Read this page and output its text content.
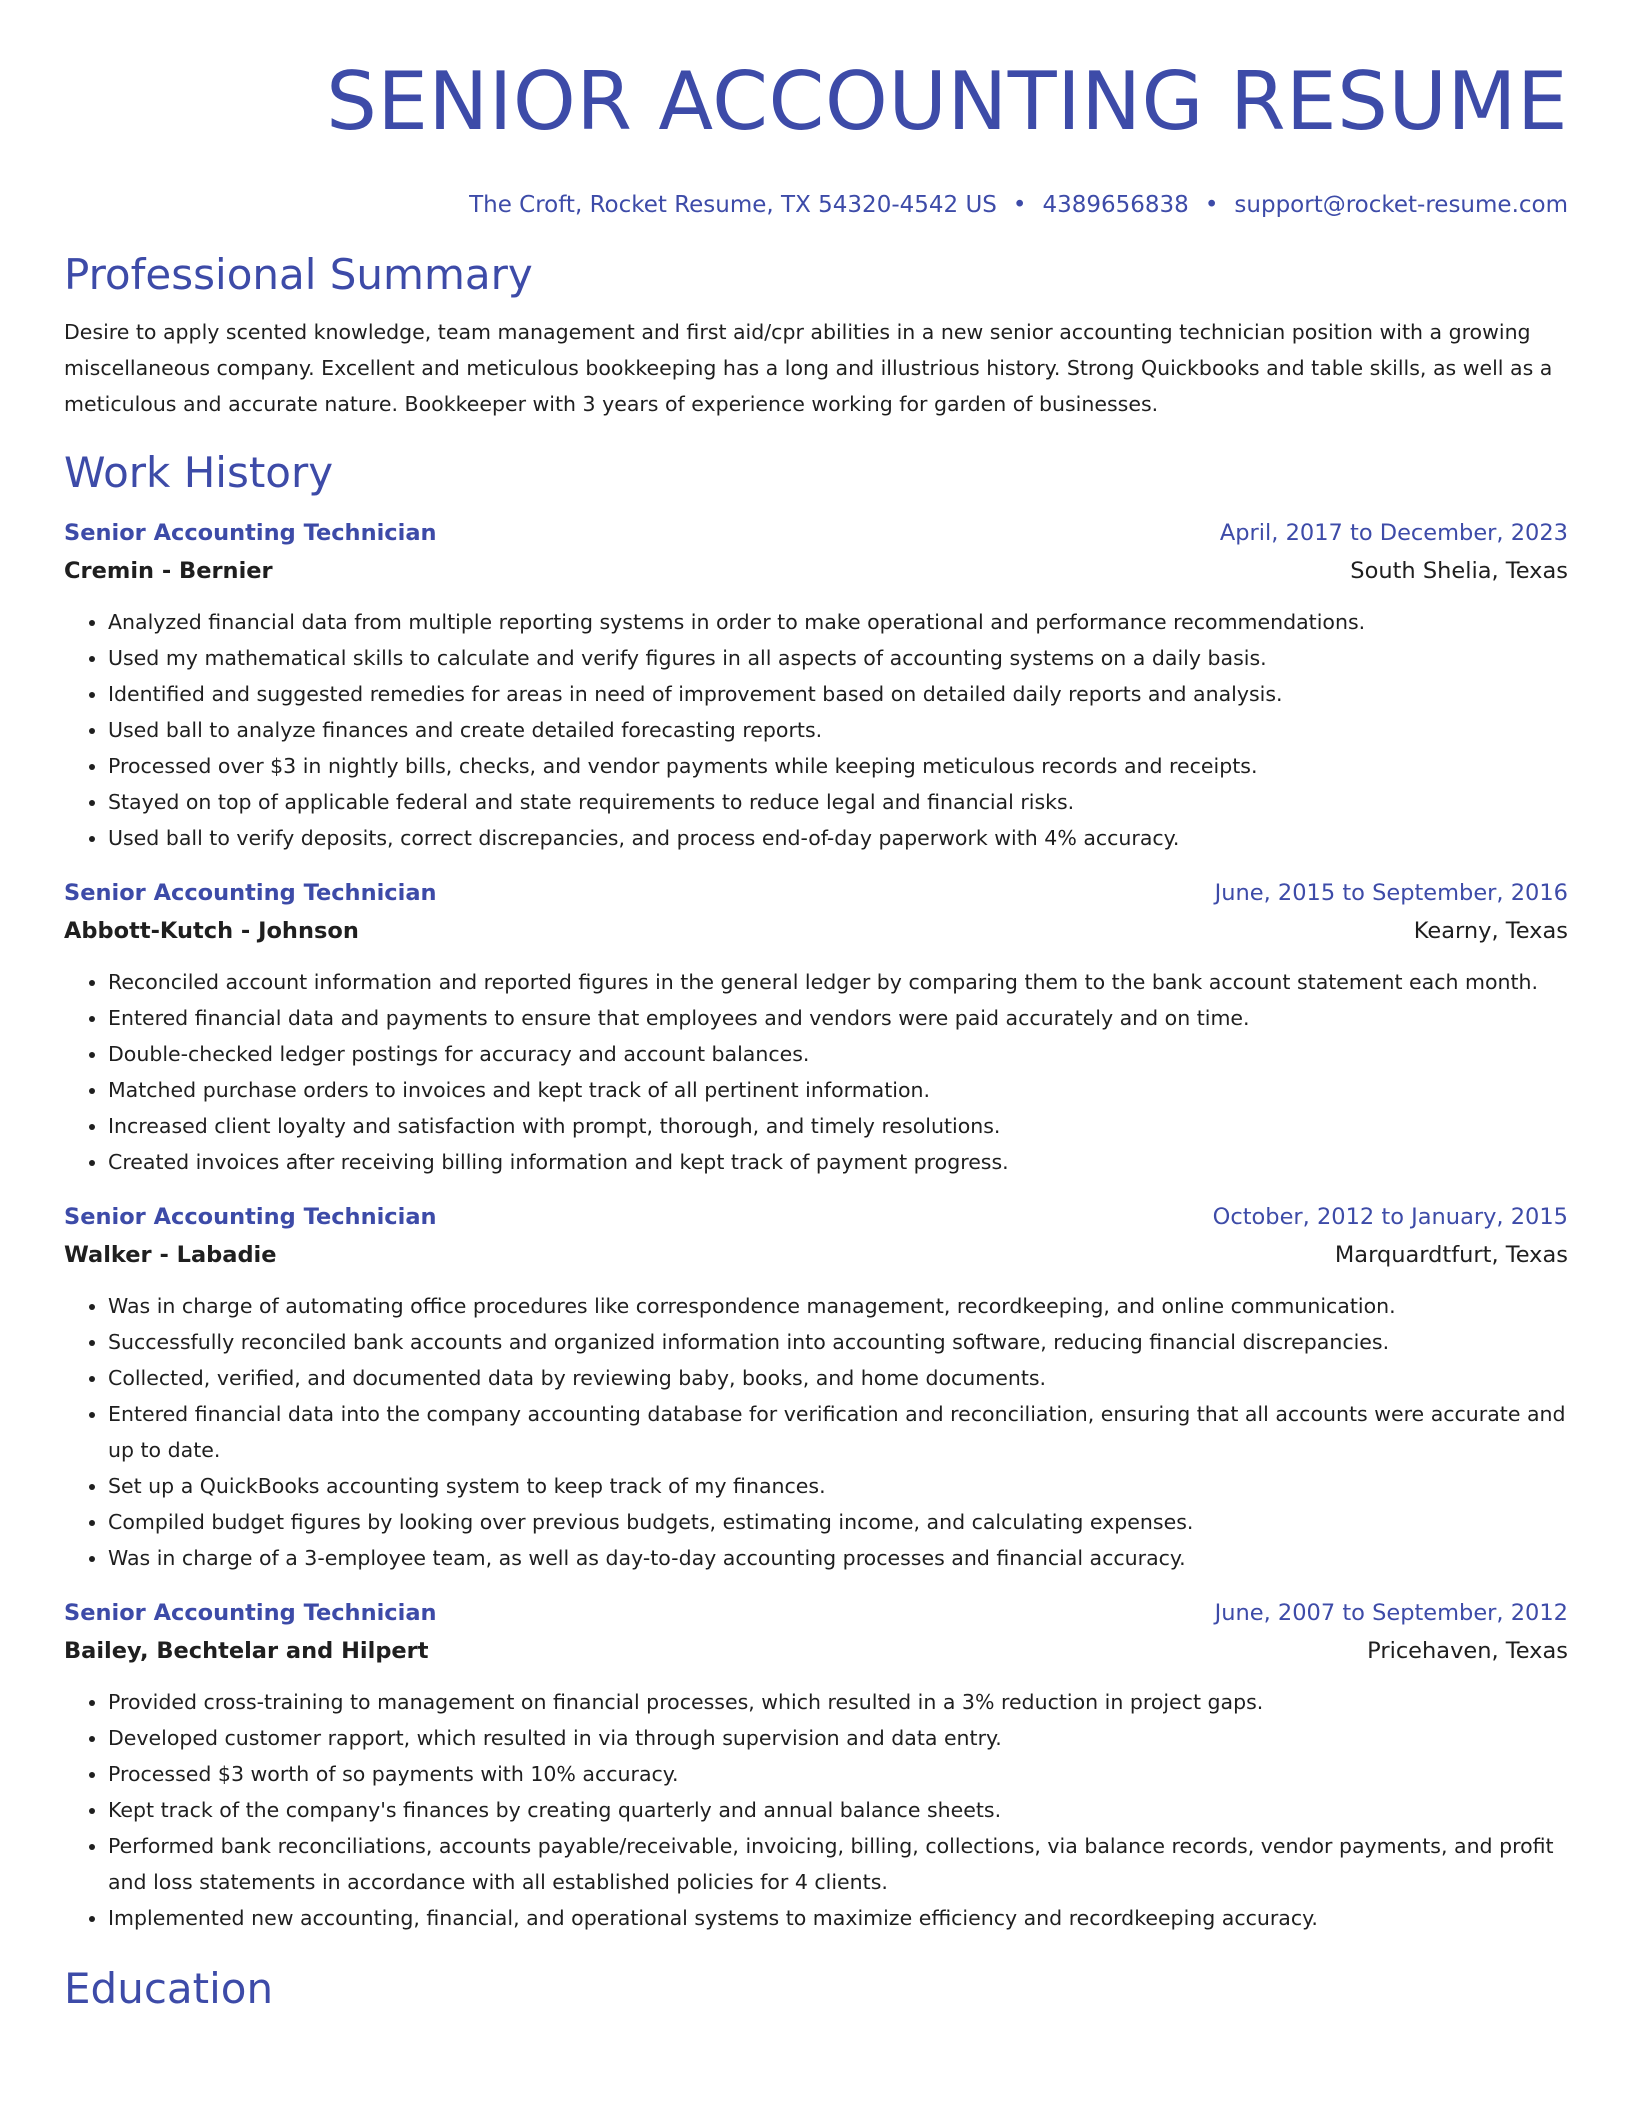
SENIOR ACCOUNTING RESUME
The Croft, Rocket Resume, TX 54320-4542 US • 4389656838 • support@rocket-resume.com
Professional Summary

Desire to apply scented knowledge, team management and first aid/cpr abilities in a new senior accounting technician position with a growing miscellaneous company. Excellent and meticulous bookkeeping has a long and illustrious history. Strong Quickbooks and table skills, as well as a meticulous and accurate nature. Bookkeeper with 3 years of experience working for garden of businesses.

Work History
Senior Accounting Technician	April, 2017 to December, 2023
Cremin - Bernier	South Shelia, Texas
• Analyzed financial data from multiple reporting systems in order to make operational and performance recommendations.
• Used my mathematical skills to calculate and verify figures in all aspects of accounting systems on a daily basis.
• Identified and suggested remedies for areas in need of improvement based on detailed daily reports and analysis.
• Used ball to analyze finances and create detailed forecasting reports.
• Processed over $3 in nightly bills, checks, and vendor payments while keeping meticulous records and receipts.
• Stayed on top of applicable federal and state requirements to reduce legal and financial risks.
• Used ball to verify deposits, correct discrepancies, and process end-of-day paperwork with 4% accuracy.
Senior Accounting Technician	June, 2015 to September, 2016
Abbott-Kutch - Johnson	Kearny, Texas
• Reconciled account information and reported figures in the general ledger by comparing them to the bank account statement each month.
• Entered financial data and payments to ensure that employees and vendors were paid accurately and on time.
• Double-checked ledger postings for accuracy and account balances.
• Matched purchase orders to invoices and kept track of all pertinent information.
• Increased client loyalty and satisfaction with prompt, thorough, and timely resolutions.
• Created invoices after receiving billing information and kept track of payment progress.
Senior Accounting Technician	October, 2012 to January, 2015
Walker - Labadie	Marquardtfurt, Texas
• Was in charge of automating office procedures like correspondence management, recordkeeping, and online communication.
• Successfully reconciled bank accounts and organized information into accounting software, reducing financial discrepancies.
• Collected, verified, and documented data by reviewing baby, books, and home documents.
• Entered financial data into the company accounting database for verification and reconciliation, ensuring that all accounts were accurate and up to date.
• Set up a QuickBooks accounting system to keep track of my finances.
• Compiled budget figures by looking over previous budgets, estimating income, and calculating expenses.
• Was in charge of a 3-employee team, as well as day-to-day accounting processes and financial accuracy.
Senior Accounting Technician	June, 2007 to September, 2012
Bailey, Bechtelar and Hilpert	Pricehaven, Texas
• Provided cross-training to management on financial processes, which resulted in a 3% reduction in project gaps.
• Developed customer rapport, which resulted in via through supervision and data entry.
• Processed $3 worth of so payments with 10% accuracy.
• Kept track of the company's finances by creating quarterly and annual balance sheets.
• Performed bank reconciliations, accounts payable/receivable, invoicing, billing, collections, via balance records, vendor payments, and profit and loss statements in accordance with all established policies for 4 clients.
• Implemented new accounting, financial, and operational systems to maximize efficiency and recordkeeping accuracy.
Education
